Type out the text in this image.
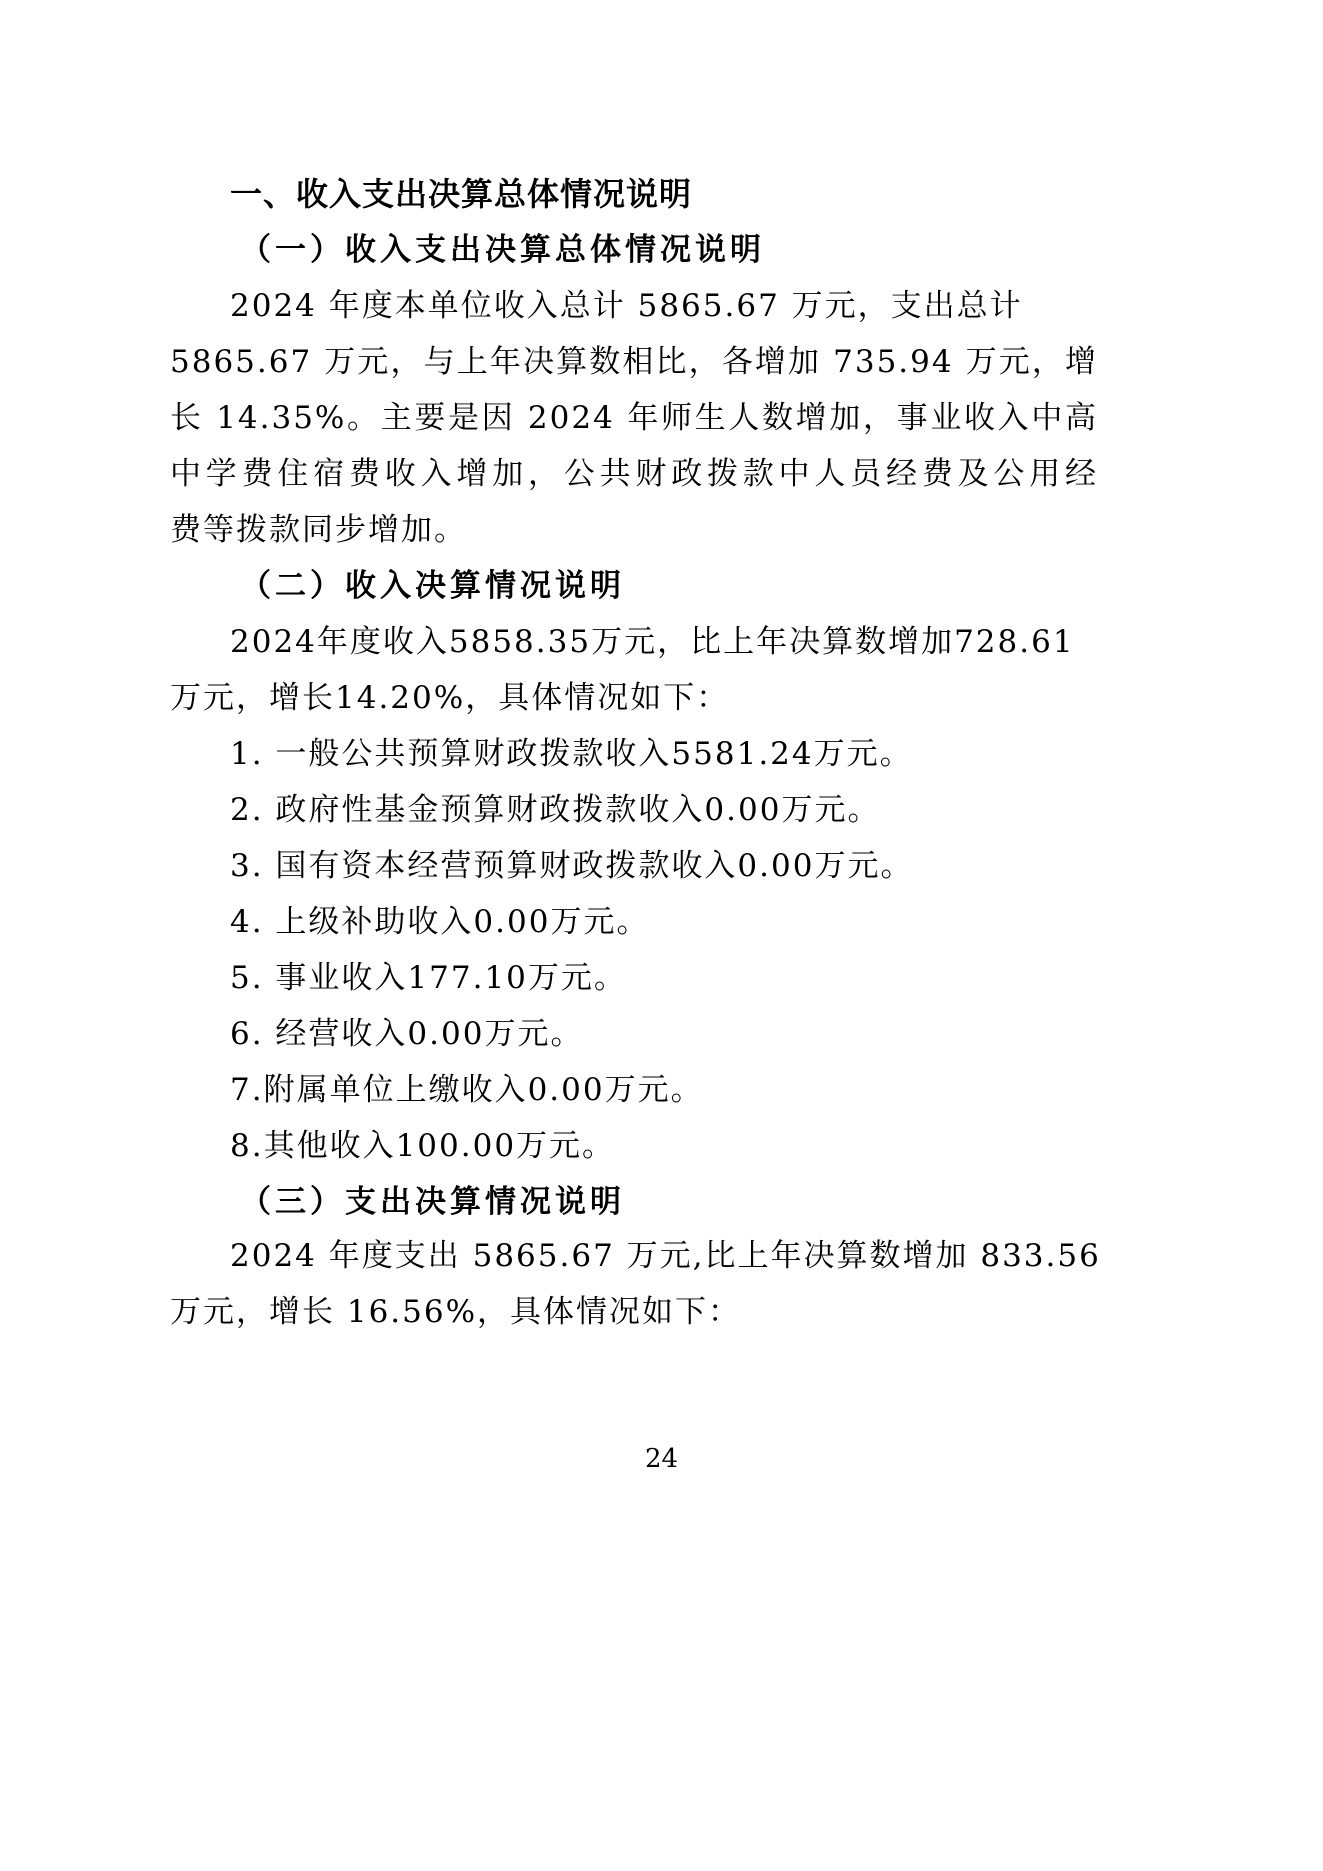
一、收入支出决算总体情况说明
（一）收入支出决算总体情况说明
2024 年度本单位收入总计 5865.67 万元，支出总计
5865.67 万元，与上年决算数相比，各增加 735.94 万元，增
长 14.35%。主要是因 2024 年师生人数增加，事业收入中高
中学费住宿费收入增加，公共财政拨款中人员经费及公用经
费等拨款同步增加。
（二）收入决算情况说明
2024年度收入5858.35万元，比上年决算数增加728.61
万元，增长14.20%，具体情况如下：
1. 一般公共预算财政拨款收入5581.24万元。
2. 政府性基金预算财政拨款收入0.00万元。
3. 国有资本经营预算财政拨款收入0.00万元。
4. 上级补助收入0.00万元。
5. 事业收入177.10万元。
6. 经营收入0.00万元。
7.附属单位上缴收入0.00万元。
8.其他收入100.00万元。
（三）支出决算情况说明
2024 年度支出 5865.67 万元,比上年决算数增加 833.56
万元，增长 16.56%，具体情况如下：
24
